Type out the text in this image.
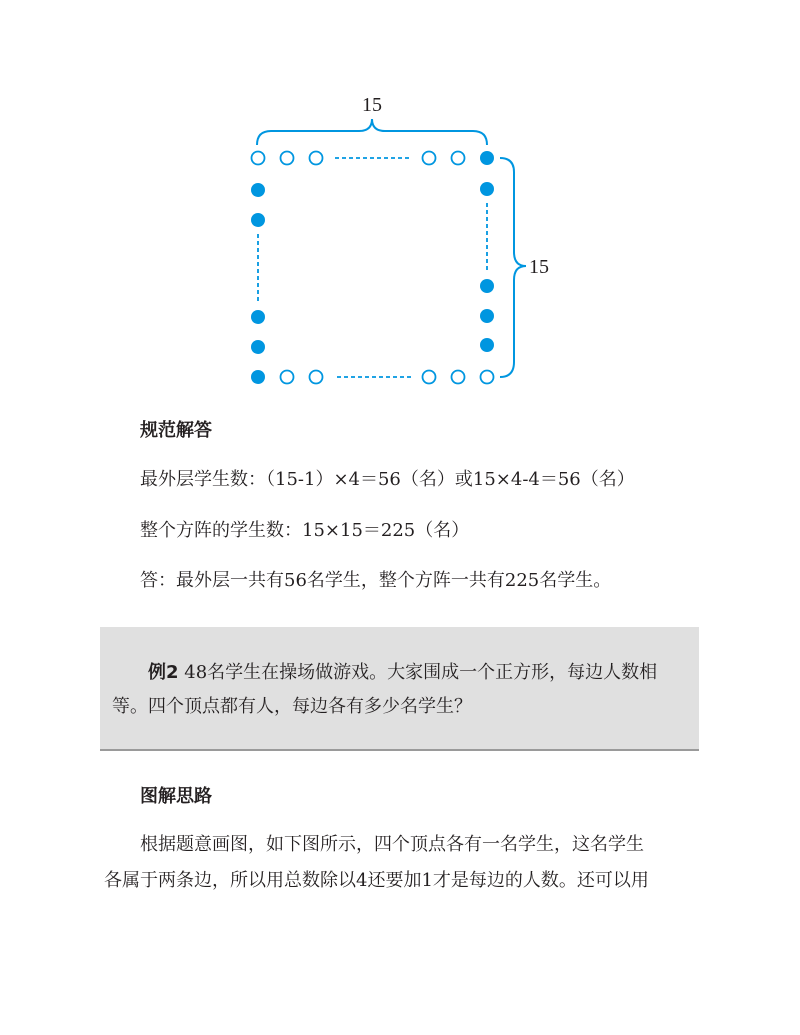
15
15
规范解答
最外层学生数：（15-1）×4＝56（名）或15×4-4＝56（名）
整个方阵的学生数：15×15＝225（名）
答：最外层一共有56名学生，整个方阵一共有225名学生。

例2 48名学生在操场做游戏。大家围成一个正方形，每边人数相等。四个顶点都有人，每边各有多少名学生？

图解思路
根据题意画图，如下图所示，四个顶点各有一名学生，这名学生
各属于两条边，所以用总数除以4还要加1才是每边的人数。还可以用
